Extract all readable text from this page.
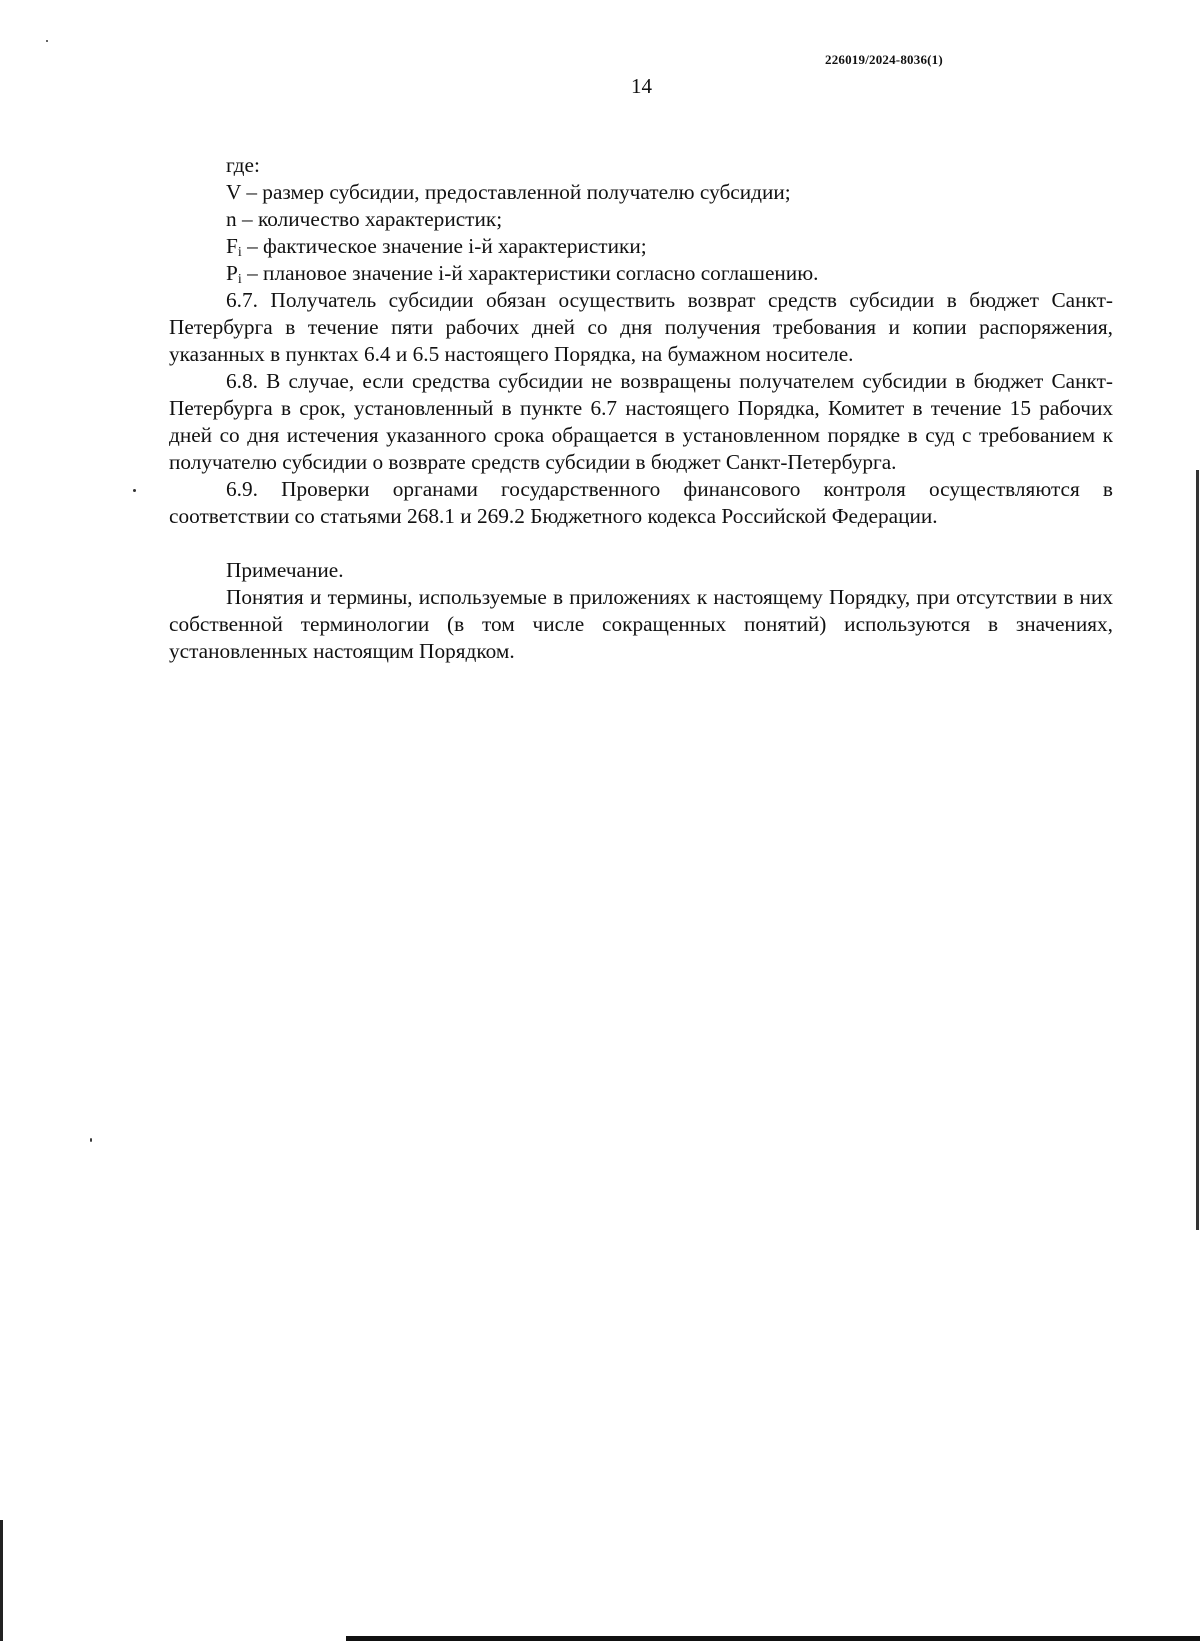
226019/2024-8036(1)
14

где:

V – размер субсидии, предоставленной получателю субсидии;

n – количество характеристик;

$F_i$ – фактическое значение i-й характеристики;

$P_i$ – плановое значение i-й характеристики согласно соглашению.

6.7. Получатель субсидии обязан осуществить возврат средств субсидии в бюджет Санкт-Петербурга в течение пяти рабочих дней со дня получения требования и копии распоряжения, указанных в пунктах 6.4 и 6.5 настоящего Порядка, на бумажном носителе.

6.8. В случае, если средства субсидии не возвращены получателем субсидии в бюджет Санкт-Петербурга в срок, установленный в пункте 6.7 настоящего Порядка, Комитет в течение 15 рабочих дней со дня истечения указанного срока обращается в установленном порядке в суд с требованием к получателю субсидии о возврате средств субсидии в бюджет Санкт-Петербурга.

6.9. Проверки органами государственного финансового контроля осуществляются в соответствии со статьями 268.1 и 269.2 Бюджетного кодекса Российской Федерации.

Примечание.

Понятия и термины, используемые в приложениях к настоящему Порядку, при отсутствии в них собственной терминологии (в том числе сокращенных понятий) используются в значениях, установленных настоящим Порядком.
